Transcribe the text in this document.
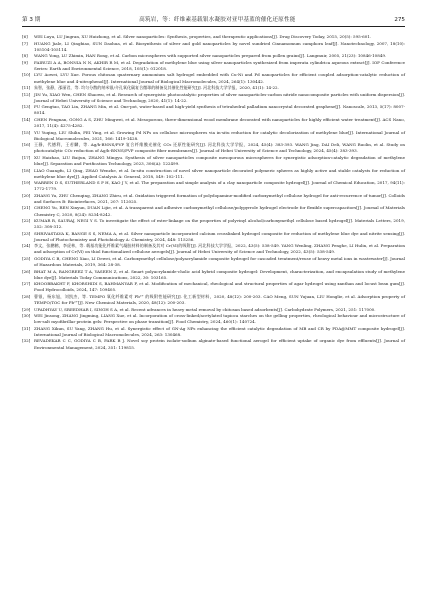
第 3 期	高筑岩，等：纤维素基载银水凝胶对亚甲基蓝的催化还原性能	275
[6]	WEI Luyu, LU Jingran, XU Huizhong, et al. Silver nanoparticles: Synthesis, properties, and therapeutic applications[J]. Drug Discovery Today, 2015, 20(5): 595-601.
[7]	HUANG Jiale, LI Qingbiao, SUN Daohua, et al. Biosynthesis of silver and gold nanoparticles by novel sundried Cinnamomum camphora leaf[J]. Nanotechnology, 2007, 18(10): 105104-105114.
[8]	WANG Yong, LU Zhimin, HAN Rong, et al. Carbon microspheres with supported silver nanoparticles prepared from pollen grains[J]. Langmuir, 2005, 21(23): 10846-10849.
[9]	FAIRUZI A A, BONNIA N N, AKHIR R M, et al. Degradation of methylene blue using silver nanoparticles synthesized from imperata cylindrica aqueous extract[J]. IOP Conference Series: Earth and Environmental Science, 2018, 105(1): 012018.
[10] LYU Aowei, LYU Xue. Porous chitosan quaternary ammonium salt hydrogel embedded with Cu-Ni and Pd nanoparticles for efficient coupled adsorption-catalytic reduction of methylene blue and 4-nitrophenol[J]. International Journal of Biological Macromolecules, 2024, 264(1): 130442.
[11] 朱智，张静，邵丽君，等. 均匀分散的纳米银/介孔氧化碳复合微球的制备及其催化性能研究[J]. 河北科技大学学报，2020, 41(1): 14-22.
[12] JIN Yu, XIAO Wen, CHEN Shaowu, et al. Research of synergistic photocatalytic properties of silver nanoparticles-carbon nitride nanocomposite particles with uniform dispersion[J]. Journal of Hebei University of Science and Technology, 2020, 41(1): 14-22.
[13] FU Gengtao, TAO Lin, ZHANG Min, et al. One-pot, water-based and high-yield synthesis of tetrahedral palladium nanocrystal decorated graphene[J]. Nanoscale, 2013, 5(17): 8007-8014.
[14] CHEN Fengnan, GONG A S, ZHU Mingwei, et al. Mesoporous, three-dimensional wood membrane decorated with nanoparticles for highly efficient water treatment[J]. ACS Nano, 2017, 11(4): 4275-4282.
[15] YU Yuqing, LIU Shilin, FEI Ying, et al. Growing Pd NPs on cellulose microspheres via in-situ reduction for catalytic decolorization of methylene blue[J]. International Journal of Biological Macromolecules, 2021, 166: 1419-1428.
[16] 王静，代德利，王若麟，等. Ag/h-BNNS/PVP 复合纤维膜光催化 CO₂ 还原性能研究[J]. 河北科技大学学报，2024, 45(4): 383-393. WANG Jing, DAI Deli, WANG Ruolin, et al. Study on photocatalytic CO₂ reduction of Ag/h-BNNS/PVP composite fiber membranes[J]. Journal of Hebei University of Science and Technology, 2024, 45(4): 383-393.
[17] XU Haizhao, LIU Baijun, ZHANG Mingyu. Synthesis of silver nanoparticles composite mesoporous microspheres for synergistic adsorption-catalytic degradation of methylene blue[J]. Separation and Purification Technology, 2023, 306(A): 122499.
[18] LIAO Guangfu, LI Qing, ZHAO Wenzhe, et al. In-situ construction of novel silver nanoparticle decorated polymeric spheres as highly active and stable catalysts for reduction of methylene blue dye[J]. Applied Catalysis A: General, 2018, 549: 102-111.
[19] WARREN D S, SUTHERLAND S P H, KAO J Y, et al. The preparation and simple analysis of a clay nanoparticle composite hydrogel[J]. Journal of Chemical Education, 2017, 94(11): 1772-1779.
[20] ZHANG Yu, ZHU Chenqing, ZHANG Zhiru, et al. Oxidation triggered formation of polydopamine-modified carboxymethyl cellulose hydrogel for anti-recurrence of tumor[J]. Colloids and Surfaces B: Biointerfaces, 2021, 207: 112025.
[21] CHENG Yu, REN Xinyun, DUAN Lijie, et al. A transparent and adhesive carboxymethyl cellulose/polypyrrole hydrogel electrode for flexible supercapacitors[J]. Journal of Materials Chemistry C, 2020, 8(24): 8234-8242.
[22] KUMAR R, SAURAJ, NEGI Y S. To investigate the effect of ester-linkage on the properties of polyvinyl alcohol/carboxymethyl cellulose based hydrogel[J]. Materials Letters, 2019, 252: 308-312.
[23] SHRIVASTAVA K, BANGE S S, NEMA A, et al. Silver nanoparticle incorporated calcium crosslinked hydrogel composite for reduction of methylene blue dye and nitrite sensing[J]. Journal of Photochemistry and Photobiology A: Chemistry, 2024, 448: 115256.
[24] 李文，张鹏鹤，李虎林，等. 载基功能化纤维素气凝胶材料的制备及其对 Cr(Ⅵ)的吸附[J]. 河北科技大学学报，2022, 43(5): 538-549. YANG Wenling, ZHANG Penghe, LI Hulin, et al. Preparation and adsorption of Cr(Ⅵ) on thiol functionalized cellulose aerogels[J]. Journal of Hebei University of Science and Technology, 2022, 43(5): 538-549.
[25] GODIYA C B, CHENG Xiao, LI Dewei, et al. Carboxymethyl cellulose/polyacrylamide composite hydrogel for cascaded treatment/reuse of heavy metal ions in wastewater[J]. Journal of Hazardous Materials, 2019, 364: 28-38.
[26] BHAT M A, RANGREEZ T A, YASEEN Z, et al. Smart polyacrylamide-cholic acid hybrid composite hydrogel: Development, characterization, and encapsulation study of methylene blue dye[J]. Materials Today Communications, 2022, 30: 103165.
[27] KHOOBBAKHT F, KHORSHIDI S, BAHMANYAR F, et al. Modification of mechanical, rheological and structural properties of agar hydrogel using xanthan and locust bean gum[J]. Food Hydrocolloids, 2024, 147: 109405.
[28] 曹银，杨东旭，刘凯杰，等. TEMPO 氧化纤维素对 Pb²⁺ 的吸附性能研究[J]. 化工新型材料，2020, 48(12): 200-203. CAO Meng, SUN Yujuan, LIU Honglie, et al. Adsorption property of TEMPO/TOC for Pb²⁺[J]. New Chemical Materials, 2020, 48(12): 200-203.
[29] UPADHYAY U, SREEDHAR I, SINGH S A, et al. Recent advances in heavy metal removal by chitosan based adsorbents[J]. Carbohydrate Polymers, 2021, 251: 117000.
[30] WEI Jinsong, ZHANG Jingming, LIANG Xue, et al. Incorporation of cross-linked/acetylated tapioca starches on the gelling properties, rheological behaviour and microstructure of low-salt myofibrillar protein gels: Perspective on phase transition[J]. Food Chemistry, 2024, 460(1): 140724.
[31] ZHANG Xikun, SU Yang, ZHANG Hu, et al. Synergistic effect of GN-Ag NPs enhancing the efficient catalytic degradation of MB and CR by PDA@MMT composite hydrogel[J]. International Journal of Biological Macromolecules, 2024, 263: 130468.
[32] REVADEKAR C C, GODIYA C B, PARK B J. Novel soy protein isolate-sodium alginate-based functional aerogel for efficient uptake of organic dye from effluents[J]. Journal of Environmental Management, 2024, 351: 119815.
